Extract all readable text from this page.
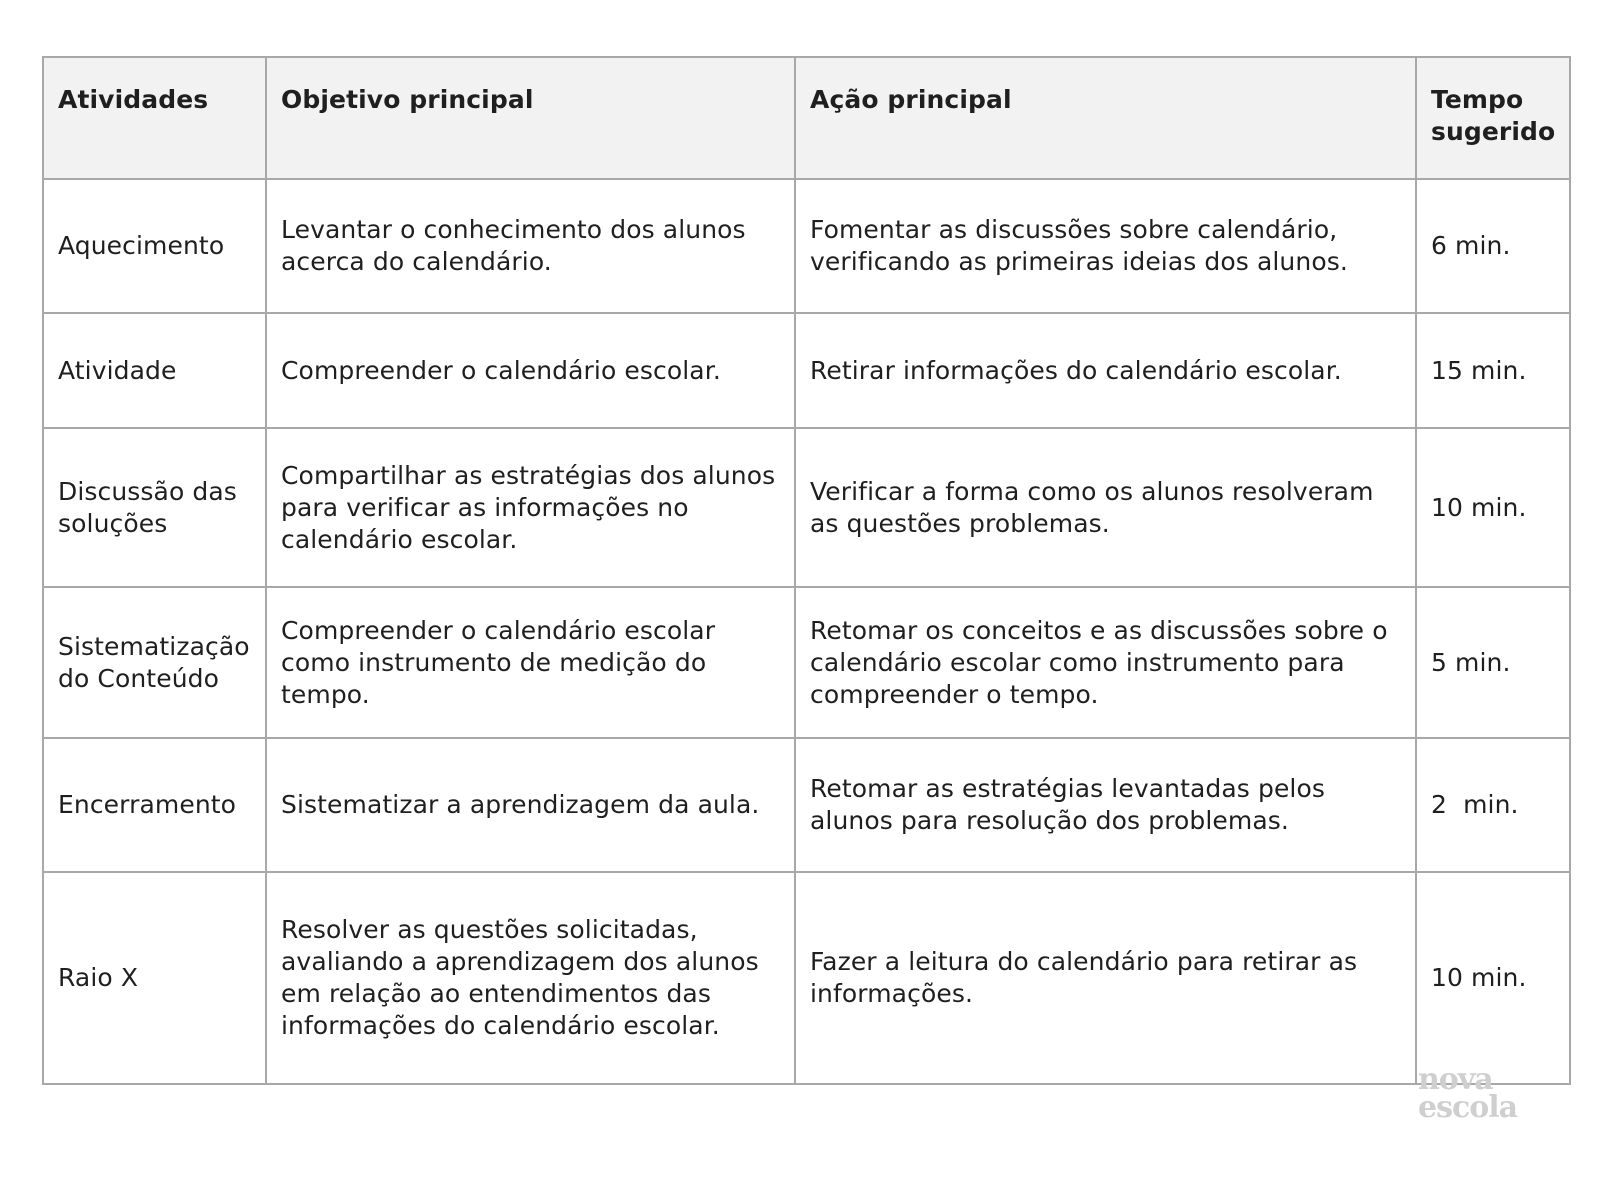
Atividades	Objetivo principal	Ação principal	Tempo sugerido
Aquecimento	Levantar o conhecimento dos alunos acerca do calendário.	Fomentar as discussões sobre calendário, verificando as primeiras ideias dos alunos.	6 min.
Atividade	Compreender o calendário escolar.	Retirar informações do calendário escolar.	15 min.
Discussão das soluções	Compartilhar as estratégias dos alunos para verificar as informações no calendário escolar.	Verificar a forma como os alunos resolveram as questões problemas.	10 min.
Sistematização do Conteúdo	Compreender o calendário escolar como instrumento de medição do tempo.	Retomar os conceitos e as discussões sobre o calendário escolar como instrumento para compreender o tempo.	5 min.
Encerramento	Sistematizar a aprendizagem da aula.	Retomar as estratégias levantadas pelos alunos para resolução dos problemas.	2  min.
Raio X	Resolver as questões solicitadas, avaliando a aprendizagem dos alunos em relação ao entendimentos das informações do calendário escolar.	Fazer a leitura do calendário para retirar as informações.	10 min.
nova
escola
